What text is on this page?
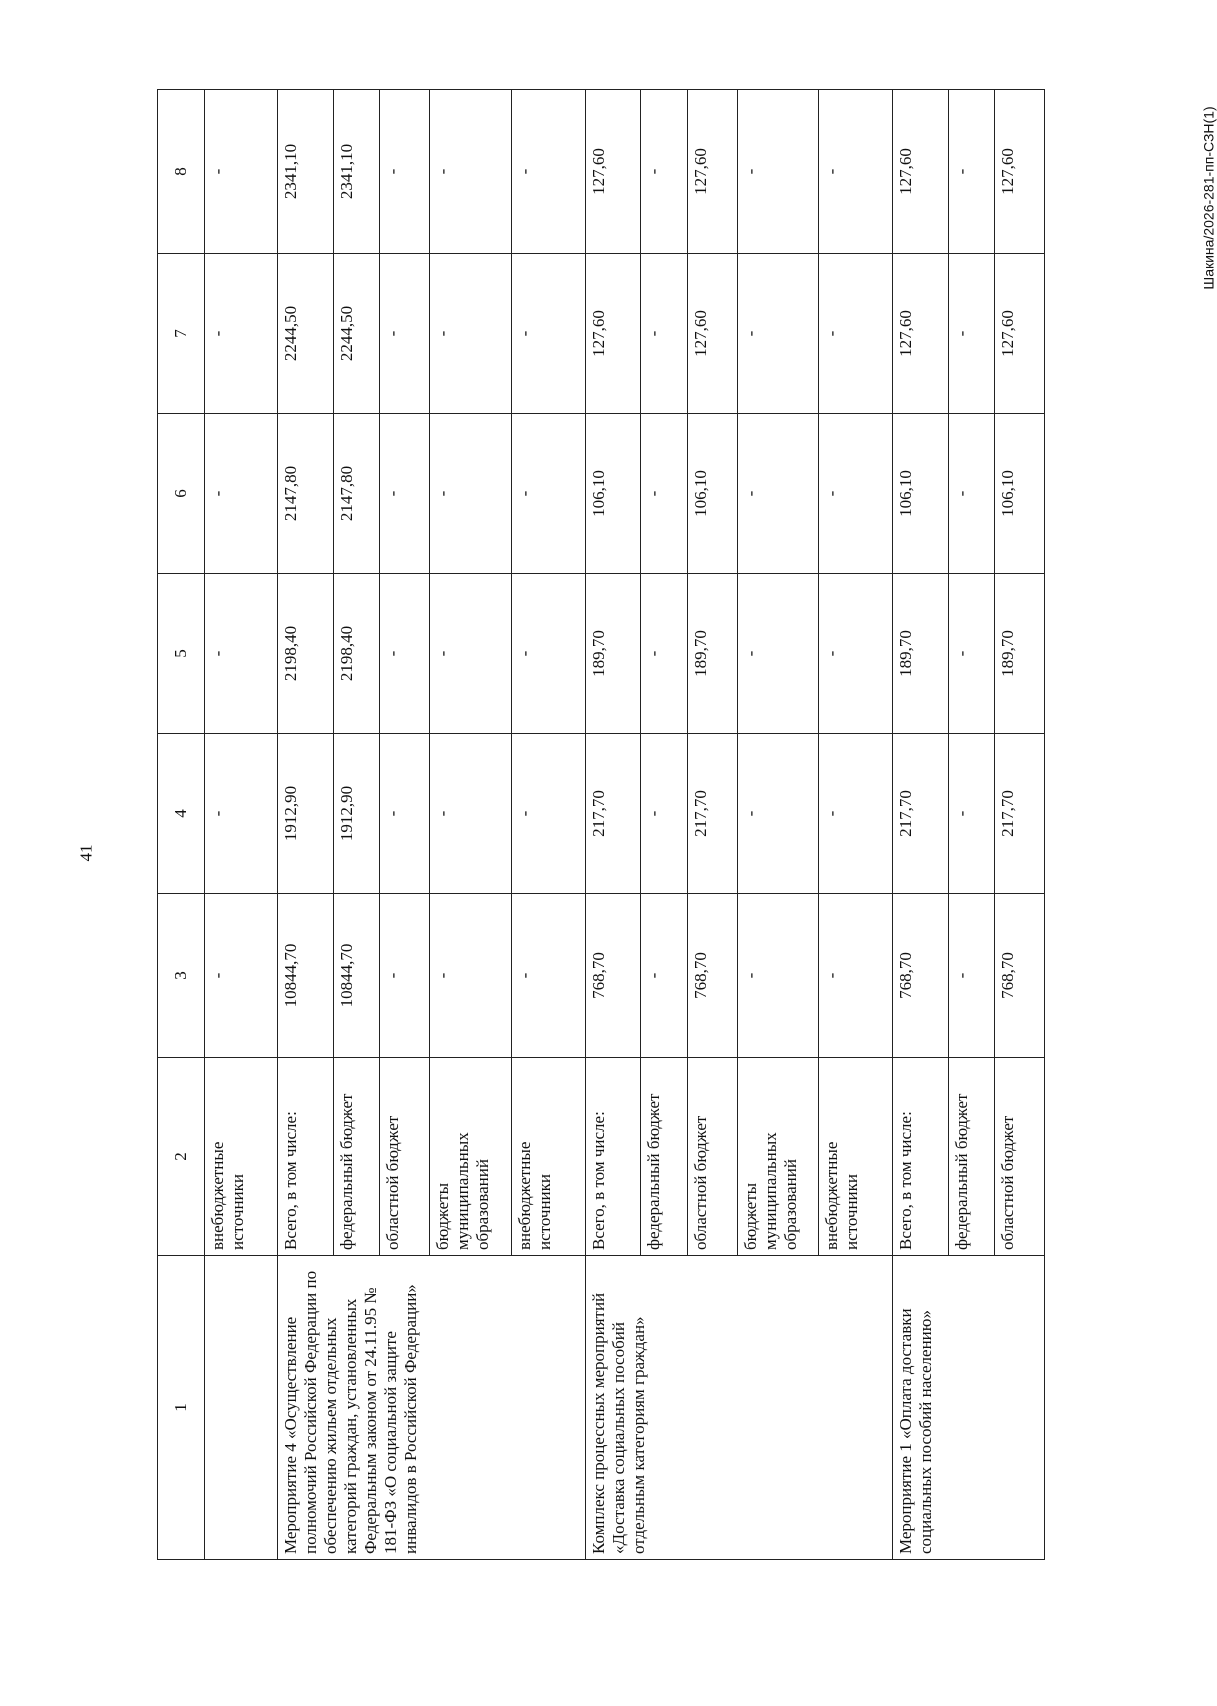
41
Шакина/2026-281-пп-СЗН(1)
1	2	3	4	5	6	7	8
	внебюджетные источники	-	-	-	-	-	-
Мероприятие 4 «Осуществление полномочий Российской Федерации по обеспечению жильем отдельных категорий граждан, установленных Федеральным законом от 24.11.95 № 181-ФЗ «О социальной защите инвалидов в Российской Федерации»	Всего, в том числе:	10844,70	1912,90	2198,40	2147,80	2244,50	2341,10
	федеральный бюджет	10844,70	1912,90	2198,40	2147,80	2244,50	2341,10
	областной бюджет	-	-	-	-	-	-
	бюджеты муниципальных образований	-	-	-	-	-	-
	внебюджетные источники	-	-	-	-	-	-
Комплекс процессных мероприятий «Доставка социальных пособий отдельным категориям граждан»	Всего, в том числе:	768,70	217,70	189,70	106,10	127,60	127,60
	федеральный бюджет	-	-	-	-	-	-
	областной бюджет	768,70	217,70	189,70	106,10	127,60	127,60
	бюджеты муниципальных образований	-	-	-	-	-	-
	внебюджетные источники	-	-	-	-	-	-
Мероприятие 1 «Оплата доставки социальных пособий населению»	Всего, в том числе:	768,70	217,70	189,70	106,10	127,60	127,60
	федеральный бюджет	-	-	-	-	-	-
	областной бюджет	768,70	217,70	189,70	106,10	127,60	127,60
